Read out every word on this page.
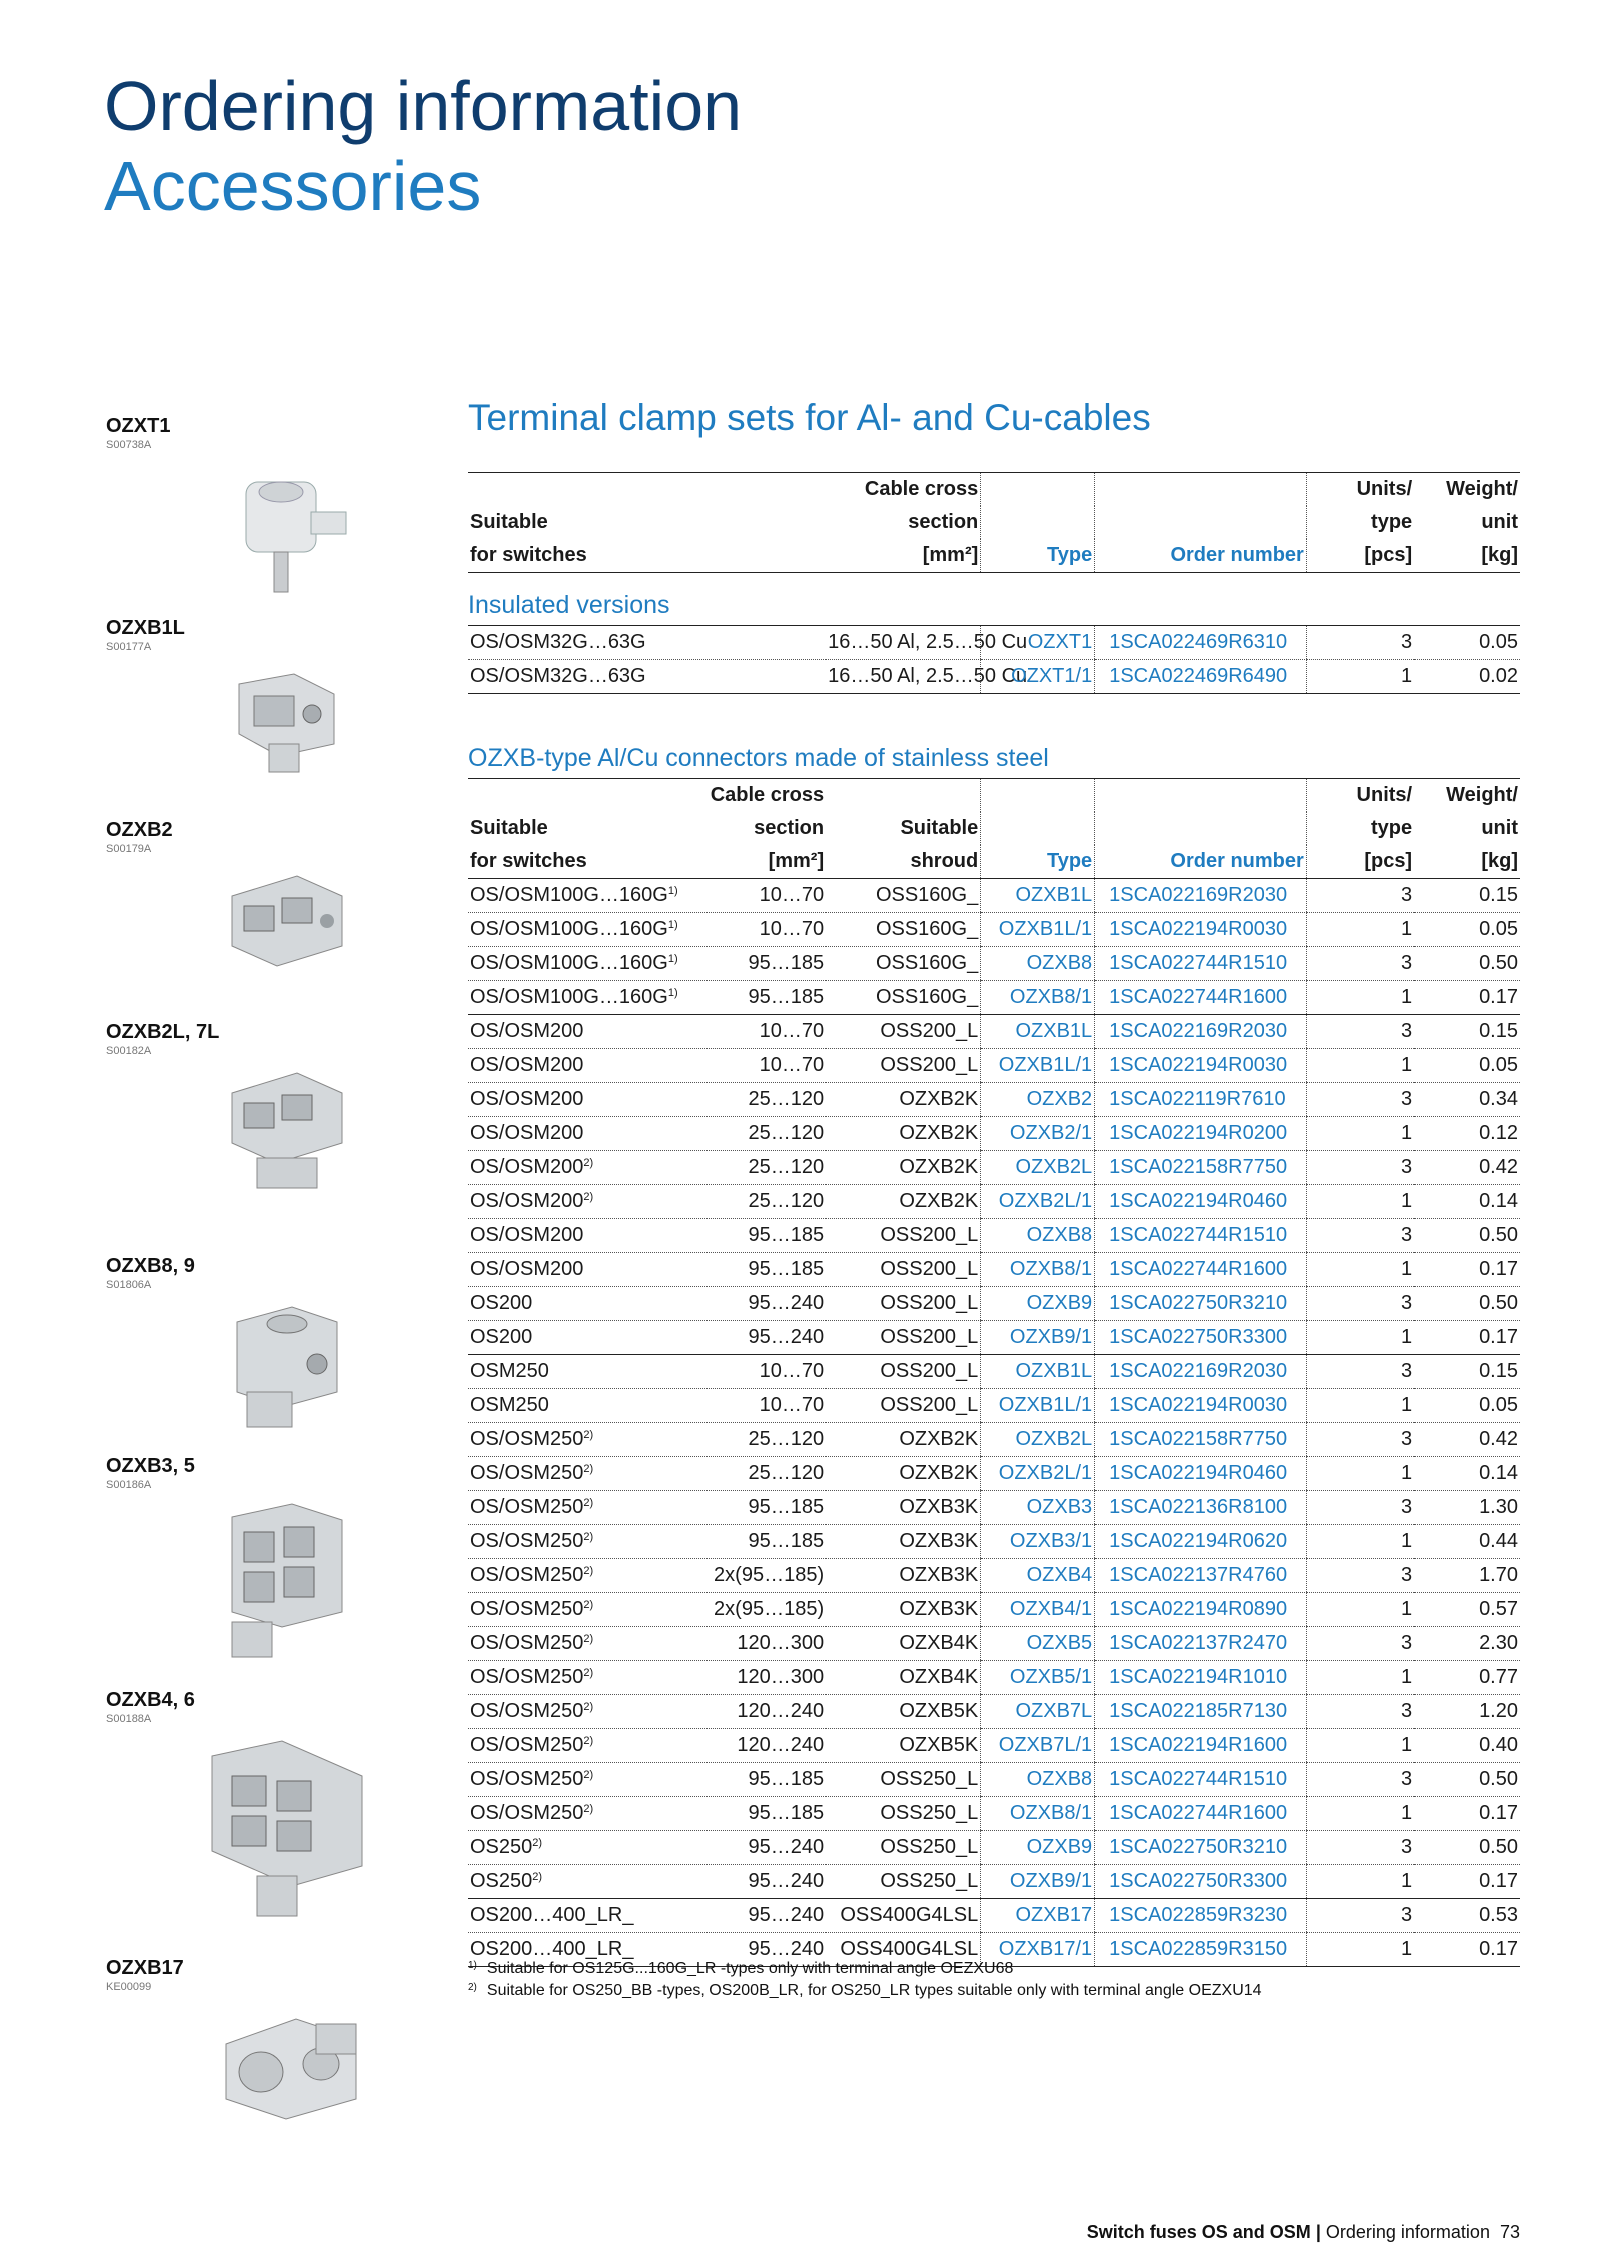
Ordering information
Accessories
OZXT1
S00738A
OZXB1L
S00177A
OZXB2
S00179A
OZXB2L, 7L
S00182A
OZXB8, 9
S01806A
OZXB3, 5
S00186A
OZXB4, 6
S00188A
OZXB17
KE00099
Terminal clamp sets for Al- and Cu-cables
	Cable cross			Units/	Weight/
Suitable	section			type	unit
for switches	[mm²]	Type	Order number	[pcs]	[kg]

Insulated versions					
OS/OSM32G…63G	16…50 Al, 2.5…50 Cu	OZXT1	1SCA022469R6310	3	0.05
OS/OSM32G…63G	16…50 Al, 2.5…50 Cu	OZXT1/1	1SCA022469R6490	1	0.02
OZXB-type Al/Cu connectors made of stainless steel						
	Cable cross				Units/	Weight/
Suitable	section	Suitable			type	unit
for switches	[mm²]	shroud	Type	Order number	[pcs]	[kg]
$OS/OSM100G\dots 160G^{1)}$	10…70	OSS160G_	OZXB1L	1SCA022169R2030	3	0.15
$OS/OSM100G\dots 160G^{1)}$	10…70	OSS160G_	OZXB1L/1	1SCA022194R0030	1	0.05
$OS/OSM100G\dots 160G^{1)}$	95…185	OSS160G_	OZXB8	1SCA022744R1510	3	0.50
$OS/OSM100G\dots 160G^{1)}$	95…185	OSS160G_	OZXB8/1	1SCA022744R1600	1	0.17
OS/OSM200	10…70	OSS200_L	OZXB1L	1SCA022169R2030	3	0.15
OS/OSM200	10…70	OSS200_L	OZXB1L/1	1SCA022194R0030	1	0.05
OS/OSM200	25…120	OZXB2K	OZXB2	1SCA022119R7610	3	0.34
OS/OSM200	25…120	OZXB2K	OZXB2/1	1SCA022194R0200	1	0.12
OS/OSM200$^{2)}$	25…120	OZXB2K	OZXB2L	1SCA022158R7750	3	0.42
OS/OSM200$^{2)}$	25…120	OZXB2K	OZXB2L/1	1SCA022194R0460	1	0.14
OS/OSM200	95…185	OSS200_L	OZXB8	1SCA022744R1510	3	0.50
OS/OSM200	95…185	OSS200_L	OZXB8/1	1SCA022744R1600	1	0.17
OS200	95…240	OSS200_L	OZXB9	1SCA022750R3210	3	0.50
OS200	95…240	OSS200_L	OZXB9/1	1SCA022750R3300	1	0.17
OSM250	10…70	OSS200_L	OZXB1L	1SCA022169R2030	3	0.15
OSM250	10…70	OSS200_L	OZXB1L/1	1SCA022194R0030	1	0.05
OS/OSM250$^{2)}$	25…120	OZXB2K	OZXB2L	1SCA022158R7750	3	0.42
OS/OSM250$^{2)}$	25…120	OZXB2K	OZXB2L/1	1SCA022194R0460	1	0.14
OS/OSM250$^{2)}$	95…185	OZXB3K	OZXB3	1SCA022136R8100	3	1.30
OS/OSM250$^{2)}$	95…185	OZXB3K	OZXB3/1	1SCA022194R0620	1	0.44
OS/OSM250$^{2)}$	2x(95…185)	OZXB3K	OZXB4	1SCA022137R4760	3	1.70
OS/OSM250$^{2)}$	2x(95…185)	OZXB3K	OZXB4/1	1SCA022194R0890	1	0.57
OS/OSM250$^{2)}$	120…300	OZXB4K	OZXB5	1SCA022137R2470	3	2.30
OS/OSM250$^{2)}$	120…300	OZXB4K	OZXB5/1	1SCA022194R1010	1	0.77
OS/OSM250$^{2)}$	120…240	OZXB5K	OZXB7L	1SCA022185R7130	3	1.20
OS/OSM250$^{2)}$	120…240	OZXB5K	OZXB7L/1	1SCA022194R1600	1	0.40
OS/OSM250$^{2)}$	95…185	OSS250_L	OZXB8	1SCA022744R1510	3	0.50
OS/OSM250$^{2)}$	95…185	OSS250_L	OZXB8/1	1SCA022744R1600	1	0.17
OS250$^{2)}$	95…240	OSS250_L	OZXB9	1SCA022750R3210	3	0.50
OS250$^{2)}$	95…240	OSS250_L	OZXB9/1	1SCA022750R3300	1	0.17
OS200…400_LR_	95…240	OSS400G4LSL	OZXB17	1SCA022859R3230	3	0.53
OS200…400_LR_	95…240	OSS400G4LSL	OZXB17/1	1SCA022859R3150	1	0.17
$^{1)}$ Suitable for OS125G...160G_LR -types only with terminal angle OEZXU68
$^{2)}$ Suitable for OS250_BB -types, OS200B_LR, for OS250_LR types suitable only with terminal angle OEZXU14
Switch fuses OS and OSM | Ordering information 73
